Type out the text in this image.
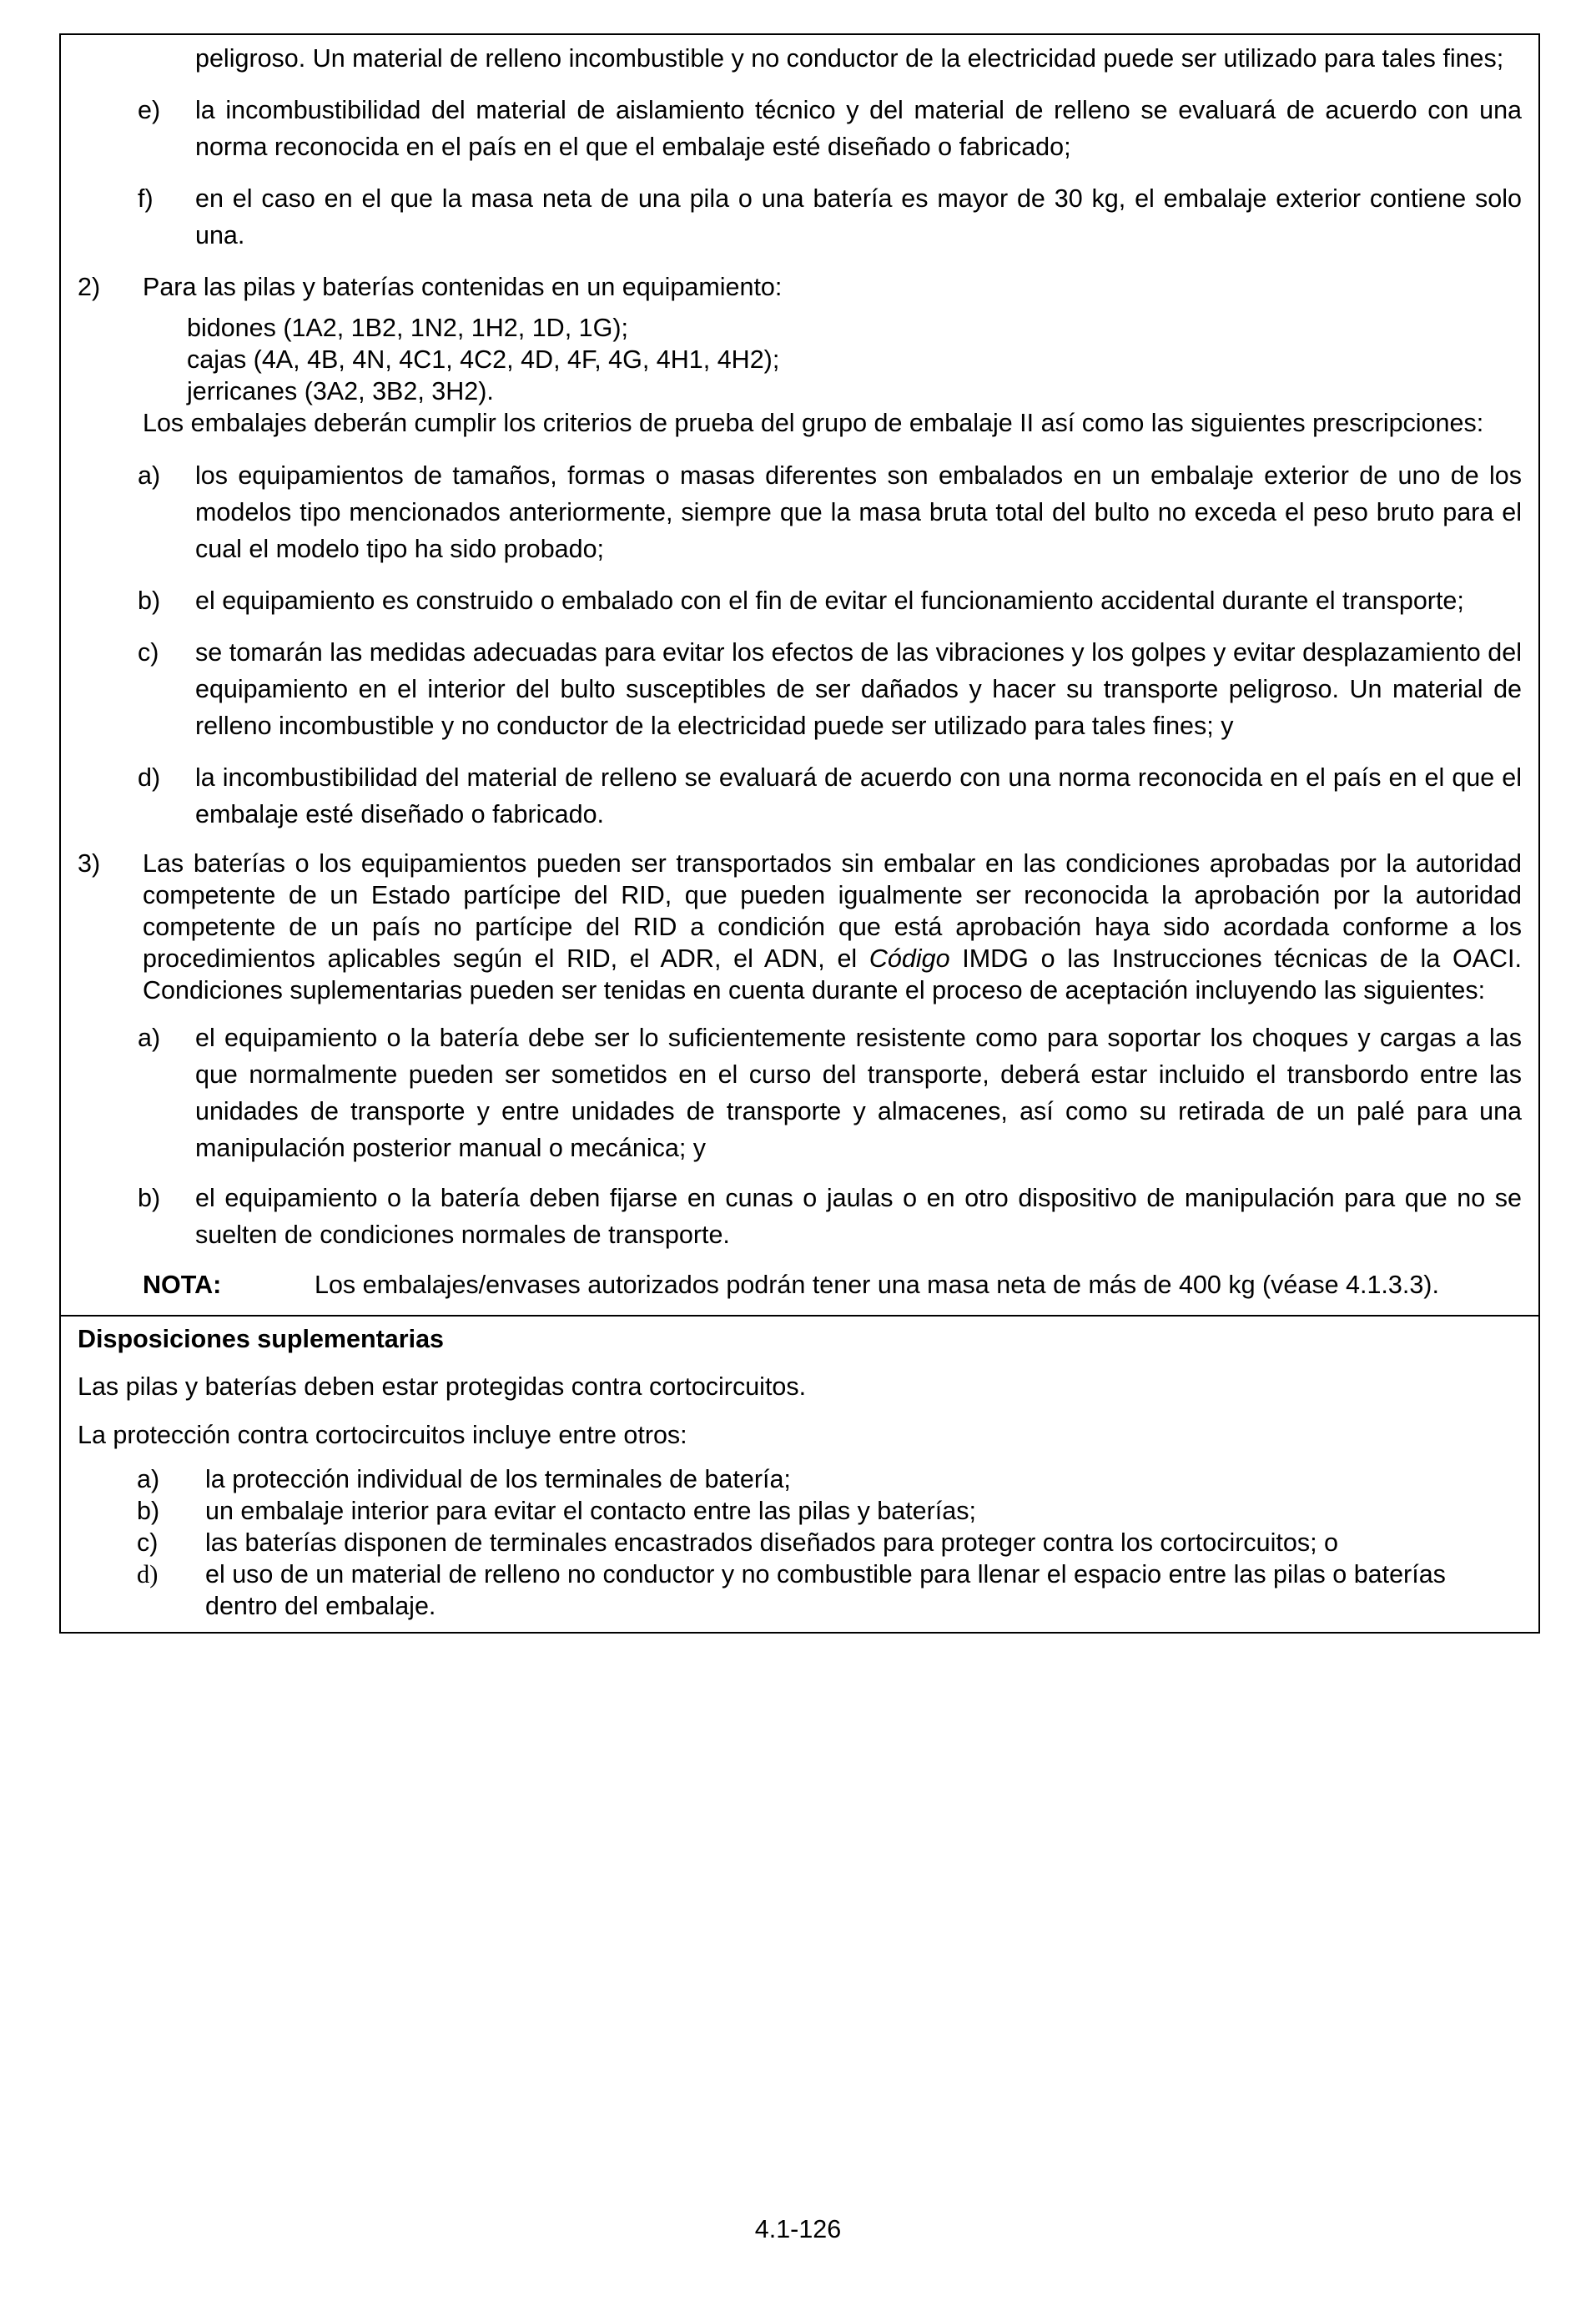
peligroso. Un material de relleno incombustible y no conductor de la electricidad puede ser utilizado para tales fines;

e) la incombustibilidad del material de aislamiento técnico y del material de relleno se evaluará de acuerdo con una norma reconocida en el país en el que el embalaje esté diseñado o fabricado;
f) en el caso en el que la masa neta de una pila o una batería es mayor de 30 kg, el embalaje exterior contiene solo una.
2) Para las pilas y baterías contenidas en un equipamiento:

bidones (1A2, 1B2, 1N2, 1H2, 1D, 1G);

cajas (4A, 4B, 4N, 4C1, 4C2, 4D, 4F, 4G, 4H1, 4H2);

jerricanes (3A2, 3B2, 3H2).

Los embalajes deberán cumplir los criterios de prueba del grupo de embalaje II así como las siguientes prescripciones:

a) los equipamientos de tamaños, formas o masas diferentes son embalados en un embalaje exterior de uno de los modelos tipo mencionados anteriormente, siempre que la masa bruta total del bulto no exceda el peso bruto para el cual el modelo tipo ha sido probado;
b) el equipamiento es construido o embalado con el fin de evitar el funcionamiento accidental durante el transporte;
c) se tomarán las medidas adecuadas para evitar los efectos de las vibraciones y los golpes y evitar desplazamiento del equipamiento en el interior del bulto susceptibles de ser dañados y hacer su transporte peligroso. Un material de relleno incombustible y no conductor de la electricidad puede ser utilizado para tales fines; y
d) la incombustibilidad del material de relleno se evaluará de acuerdo con una norma reconocida en el país en el que el embalaje esté diseñado o fabricado.
3) Las baterías o los equipamientos pueden ser transportados sin embalar en las condiciones aprobadas por la autoridad competente de un Estado partícipe del RID, que pueden igualmente ser reconocida la aprobación por la autoridad competente de un país no partícipe del RID a condición que está aprobación haya sido acordada conforme a los procedimientos aplicables según el RID, el ADR, el ADN, el Código IMDG o las Instrucciones técnicas de la OACI. Condiciones suplementarias pueden ser tenidas en cuenta durante el proceso de aceptación incluyendo las siguientes:
a) el equipamiento o la batería debe ser lo suficientemente resistente como para soportar los choques y cargas a las que normalmente pueden ser sometidos en el curso del transporte, deberá estar incluido el transbordo entre las unidades de transporte y entre unidades de transporte y almacenes, así como su retirada de un palé para una manipulación posterior manual o mecánica; y
b) el equipamiento o la batería deben fijarse en cunas o jaulas o en otro dispositivo de manipulación para que no se suelten de condiciones normales de transporte.
NOTA:	Los embalajes/envases autorizados podrán tener una masa neta de más de 400 kg (véase 4.1.3.3).

Disposiciones suplementarias

Las pilas y baterías deben estar protegidas contra cortocircuitos.

La protección contra cortocircuitos incluye entre otros:

a) la protección individual de los terminales de batería;
b) un embalaje interior para evitar el contacto entre las pilas y baterías;
c) las baterías disponen de terminales encastrados diseñados para proteger contra los cortocircuitos; o
d) el uso de un material de relleno no conductor y no combustible para llenar el espacio entre las pilas o baterías dentro del embalaje.
4.1-126
